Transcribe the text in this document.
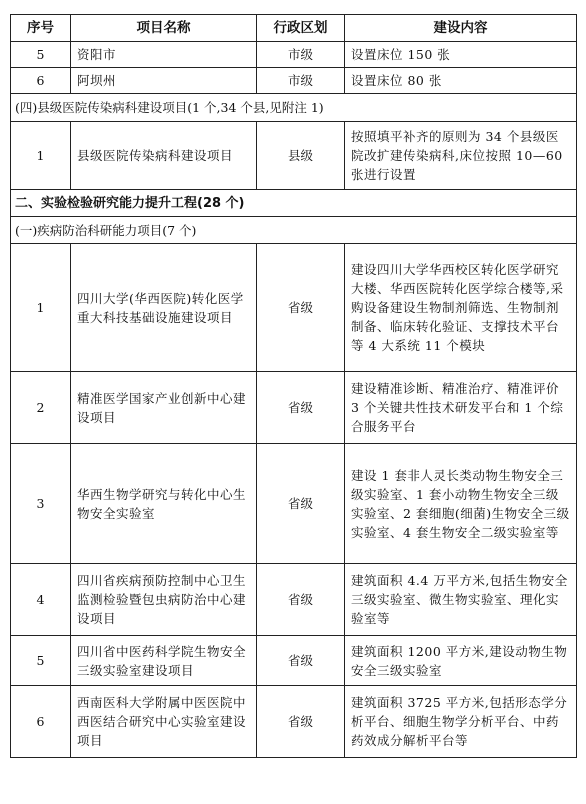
序号	项目名称	行政区划	建设内容
5	资阳市	市级	设置床位 150 张
6	阿坝州	市级	设置床位 80 张
(四)县级医院传染病科建设项目(1 个,34 个县,见附注 1)			
1	县级医院传染病科建设项目	县级	按照填平补齐的原则为 34 个县级医院改扩建传染病科,床位按照 10—60 张进行设置
二、实验检验研究能力提升工程(28 个)			
(一)疾病防治科研能力项目(7 个)			
1	四川大学(华西医院)转化医学重大科技基础设施建设项目	省级	建设四川大学华西校区转化医学研究大楼、华西医院转化医学综合楼等,采购设备建设生物制剂筛选、生物制剂制备、临床转化验证、支撑技术平台等 4 大系统 11 个模块
2	精准医学国家产业创新中心建设项目	省级	建设精准诊断、精准治疗、精准评价 3 个关键共性技术研发平台和 1 个综合服务平台
3	华西生物学研究与转化中心生物安全实验室	省级	建设 1 套非人灵长类动物生物安全三级实验室、1 套小动物生物安全三级实验室、2 套细胞(细菌)生物安全三级实验室、4 套生物安全二级实验室等
4	四川省疾病预防控制中心卫生监测检验暨包虫病防治中心建设项目	省级	建筑面积 4.4 万平方米,包括生物安全三级实验室、微生物实验室、理化实验室等
5	四川省中医药科学院生物安全三级实验室建设项目	省级	建筑面积 1200 平方米,建设动物生物安全三级实验室
6	西南医科大学附属中医医院中西医结合研究中心实验室建设项目	省级	建筑面积 3725 平方米,包括形态学分析平台、细胞生物学分析平台、中药药效成分解析平台等
